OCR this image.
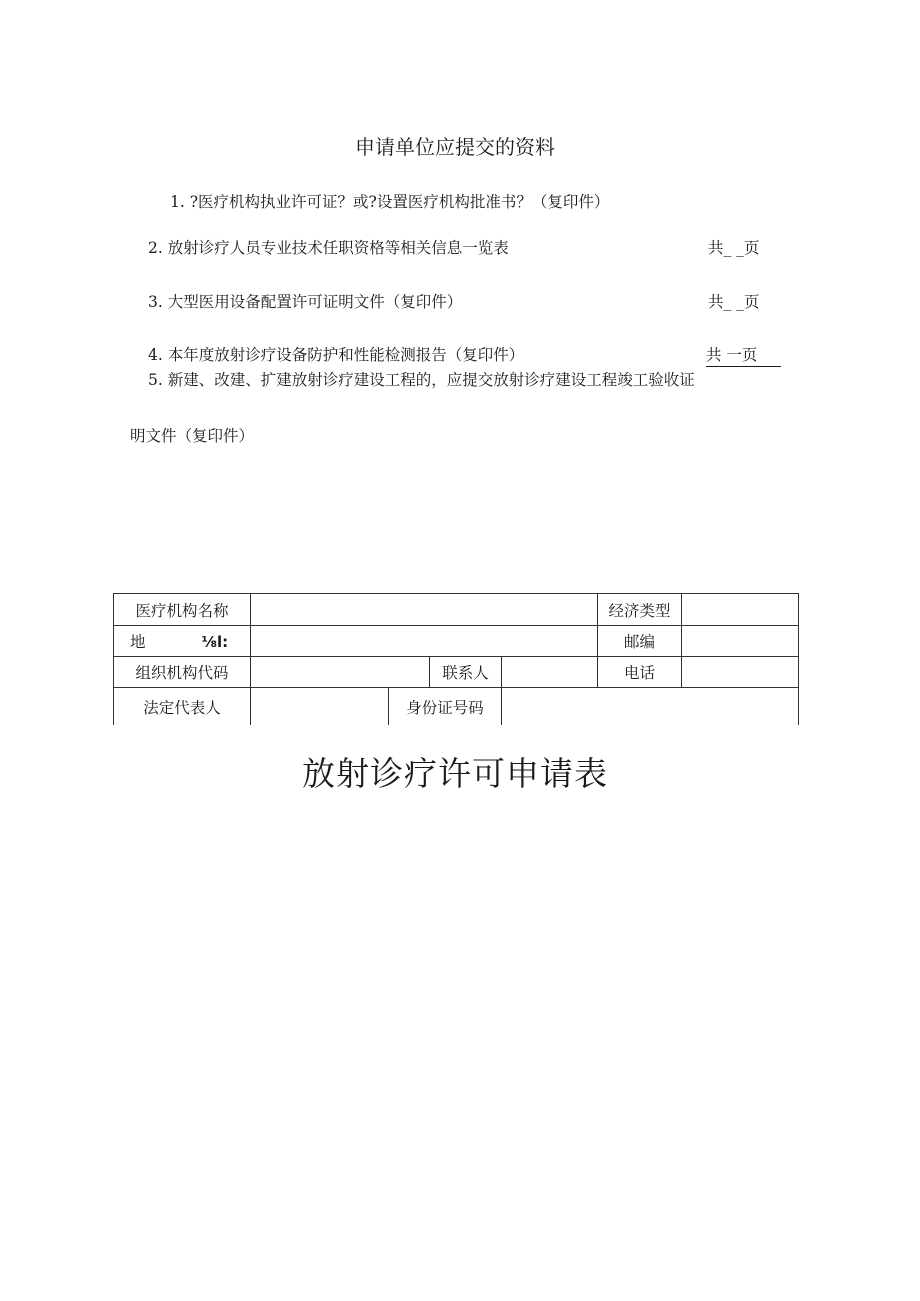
申请单位应提交的资料
1. ?医疗机构执业许可证？或?设置医疗机构批准书？（复印件）
2. 放射诊疗人员专业技术任职资格等相关信息一览表	共_ _页
3. 大型医用设备配置许可证明文件（复印件）	共_ _页
4. 本年度放射诊疗设备防护和性能检测报告（复印件）	共 一页
5. 新建、改建、扩建放射诊疗建设工程的，应提交放射诊疗建设工程竣工验收证
明文件（复印件）
医疗机构名称					经济类型	
地 ⅛l:					邮编	
组织机构代码			联系人		电话	
法定代表人		身份证号码				
放射诊疗许可申请表
